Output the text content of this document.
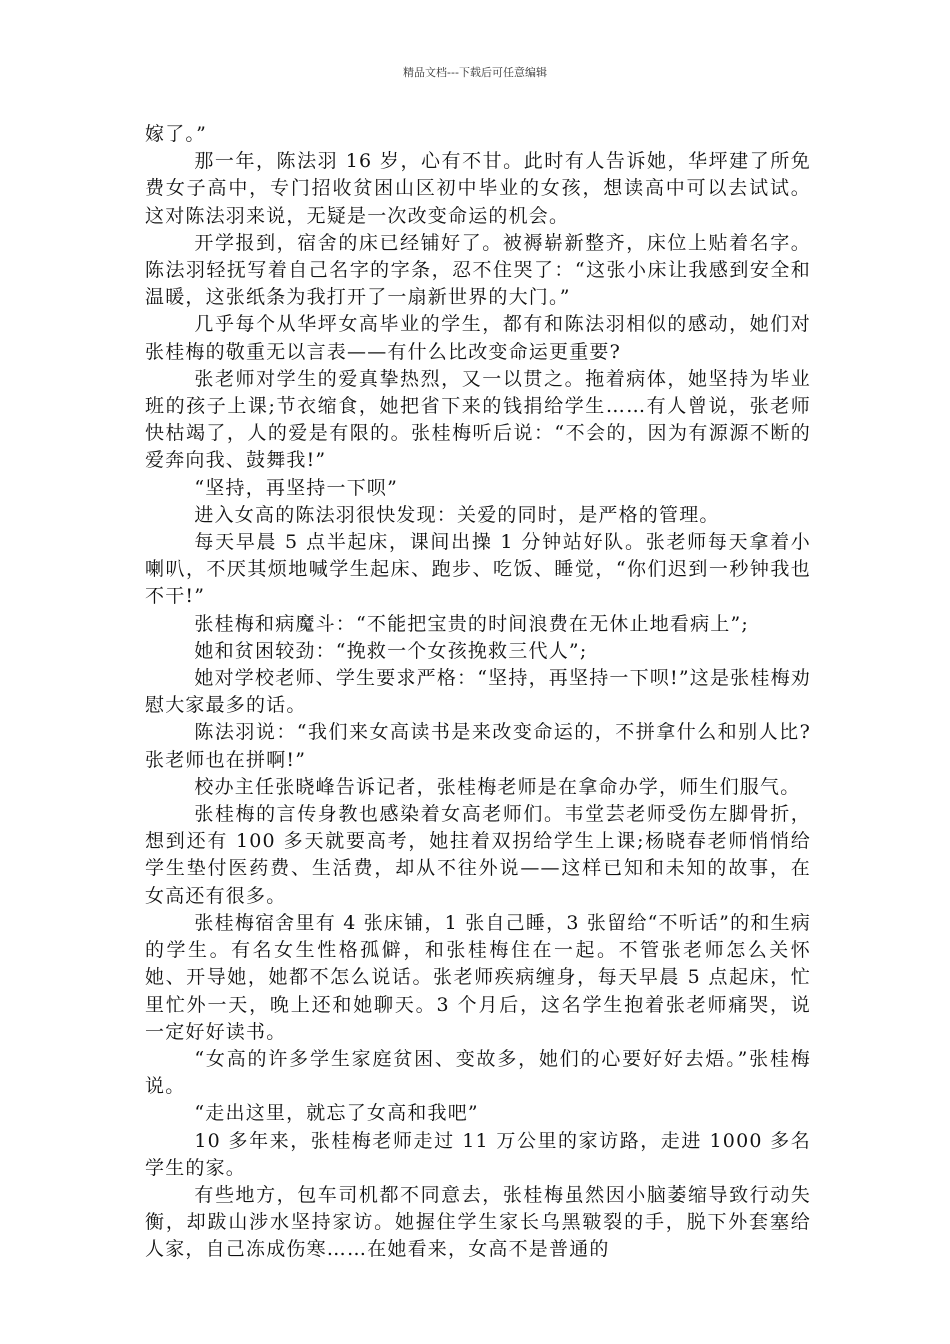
精品文档---下载后可任意编辑

嫁了。”

那一年，陈法羽 16 岁，心有不甘。此时有人告诉她，华坪建了所免费女子高中，专门招收贫困山区初中毕业的女孩，想读高中可以去试试。这对陈法羽来说，无疑是一次改变命运的机会。

开学报到，宿舍的床已经铺好了。被褥崭新整齐，床位上贴着名字。陈法羽轻抚写着自己名字的字条，忍不住哭了：“这张小床让我感到安全和温暖，这张纸条为我打开了一扇新世界的大门。”

几乎每个从华坪女高毕业的学生，都有和陈法羽相似的感动，她们对张桂梅的敬重无以言表——有什么比改变命运更重要?

张老师对学生的爱真挚热烈，又一以贯之。拖着病体，她坚持为毕业班的孩子上课;节衣缩食，她把省下来的钱捐给学生……有人曾说，张老师快枯竭了，人的爱是有限的。张桂梅听后说：“不会的，因为有源源不断的爱奔向我、鼓舞我!”

“坚持，再坚持一下呗”

进入女高的陈法羽很快发现：关爱的同时，是严格的管理。

每天早晨 5 点半起床，课间出操 1 分钟站好队。张老师每天拿着小喇叭，不厌其烦地喊学生起床、跑步、吃饭、睡觉，“你们迟到一秒钟我也不干!”

张桂梅和病魔斗：“不能把宝贵的时间浪费在无休止地看病上”;

她和贫困较劲：“挽救一个女孩挽救三代人”;

她对学校老师、学生要求严格：“坚持，再坚持一下呗!”这是张桂梅劝慰大家最多的话。

陈法羽说：“我们来女高读书是来改变命运的，不拼拿什么和别人比?张老师也在拼啊!”

校办主任张晓峰告诉记者，张桂梅老师是在拿命办学，师生们服气。

张桂梅的言传身教也感染着女高老师们。韦堂芸老师受伤左脚骨折，想到还有 100 多天就要高考，她拄着双拐给学生上课;杨晓春老师悄悄给学生垫付医药费、生活费，却从不往外说——这样已知和未知的故事，在女高还有很多。

张桂梅宿舍里有 4 张床铺，1 张自己睡，3 张留给“不听话”的和生病的学生。有名女生性格孤僻，和张桂梅住在一起。不管张老师怎么关怀她、开导她，她都不怎么说话。张老师疾病缠身，每天早晨 5 点起床，忙里忙外一天，晚上还和她聊天。3 个月后，这名学生抱着张老师痛哭，说一定好好读书。

“女高的许多学生家庭贫困、变故多，她们的心要好好去焐。”张桂梅说。

“走出这里，就忘了女高和我吧”

10 多年来，张桂梅老师走过 11 万公里的家访路，走进 1000 多名学生的家。

有些地方，包车司机都不同意去，张桂梅虽然因小脑萎缩导致行动失衡，却跋山涉水坚持家访。她握住学生家长乌黑皲裂的手，脱下外套塞给人家，自己冻成伤寒……在她看来，女高不是普通的
